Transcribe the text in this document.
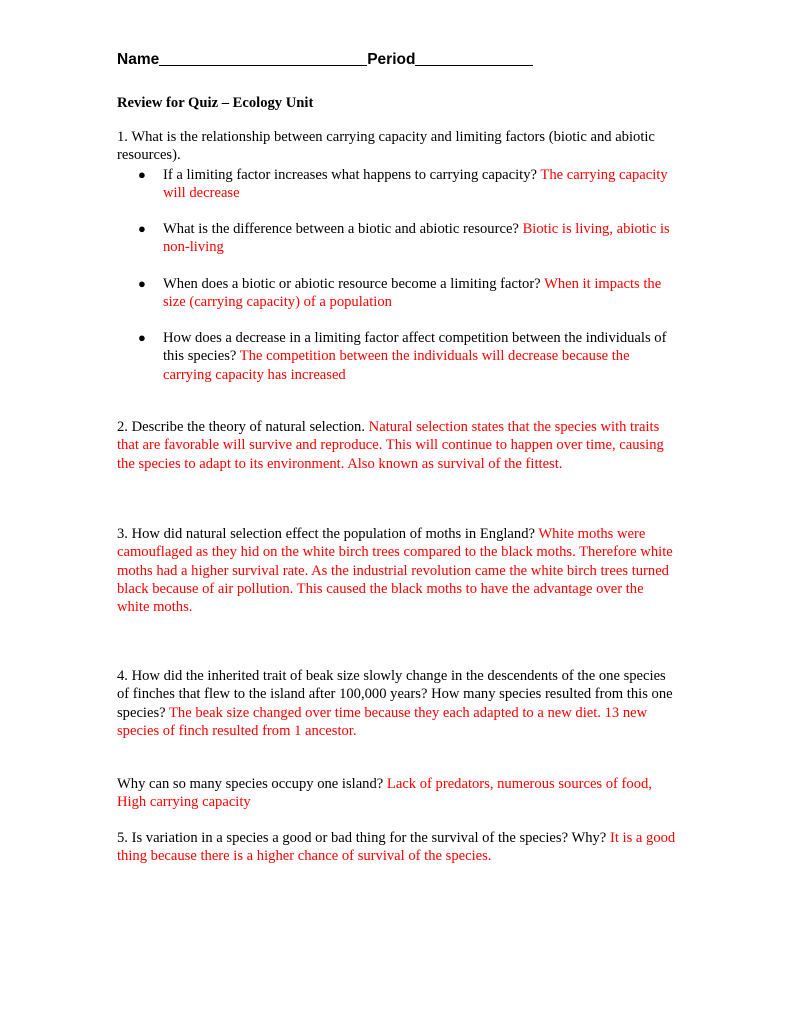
Name	Period
Review for Quiz – Ecology Unit
1. What is the relationship between carrying capacity and limiting factors (biotic and abiotic resources).
● If a limiting factor increases what happens to carrying capacity? The carrying capacity will decrease
● What is the difference between a biotic and abiotic resource? Biotic is living, abiotic is non-living
● When does a biotic or abiotic resource become a limiting factor? When it impacts the size (carrying capacity) of a population
● How does a decrease in a limiting factor affect competition between the individuals of this species? The competition between the individuals will decrease because the carrying capacity has increased
2. Describe the theory of natural selection. Natural selection states that the species with traits that are favorable will survive and reproduce. This will continue to happen over time, causing the species to adapt to its environment. Also known as survival of the fittest.
3. How did natural selection effect the population of moths in England? White moths were camouflaged as they hid on the white birch trees compared to the black moths. Therefore white moths had a higher survival rate. As the industrial revolution came the white birch trees turned black because of air pollution. This caused the black moths to have the advantage over the white moths.
4. How did the inherited trait of beak size slowly change in the descendents of the one species of finches that flew to the island after 100,000 years? How many species resulted from this one species? The beak size changed over time because they each adapted to a new diet. 13 new species of finch resulted from 1 ancestor.
Why can so many species occupy one island? Lack of predators, numerous sources of food, High carrying capacity
5. Is variation in a species a good or bad thing for the survival of the species? Why? It is a good thing because there is a higher chance of survival of the species.
